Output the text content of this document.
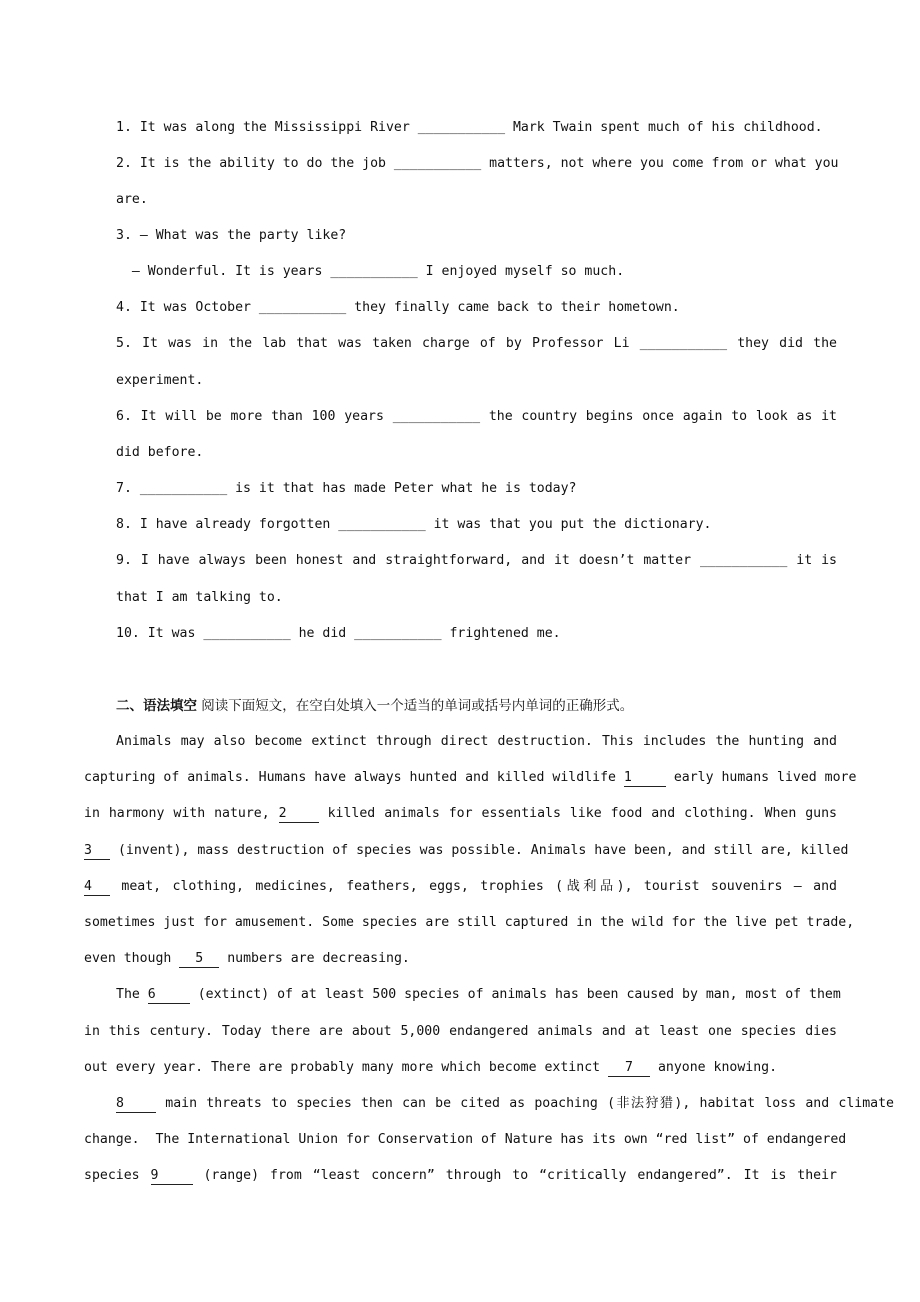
1. It was along the Mississippi River ___________ Mark Twain spent much of his childhood.
2. It is the ability to do the job ___________ matters, not where you come from or what you
are.
3. — What was the party like?
— Wonderful. It is years ___________ I enjoyed myself so much.
4. It was October ___________ they finally came back to their hometown.
5. It was in the lab that was taken charge of by Professor Li ___________ they did the
experiment.
6. It will be more than 100 years ___________ the country begins once again to look as it
did before.
7. ___________ is it that has made Peter what he is today?
8. I have already forgotten ___________ it was that you put the dictionary.
9. I have always been honest and straightforward, and it doesn’t matter ___________ it is
that I am talking to.
10. It was ___________ he did ___________ frightened me.
二、语法填空 阅读下面短文，在空白处填入一个适当的单词或括号内单词的正确形式。
Animals may also become extinct through direct destruction. This includes the hunting and
capturing of animals. Humans have always hunted and killed wildlife 1	early humans lived more
in harmony with nature, 2 killed animals for essentials like food and clothing. When guns
3 (invent), mass destruction of species was possible. Animals have been, and still are, killed
4 meat, clothing, medicines, feathers, eggs, trophies (战利品), tourist souvenirs — and
sometimes just for amusement. Some species are still captured in the wild for the live pet trade,
even though 5 numbers are decreasing.
The 6	(extinct) of at least 500 species of animals has been caused by man, most of them
in this century. Today there are about 5,000 endangered animals and at least one species dies
out every year. There are probably many more which become extinct 7 anyone knowing.
8 main threats to species then can be cited as poaching (非法狩猎), habitat loss and climate
change.  The International Union for Conservation of Nature has its own “red list” of endangered
species 9	(range) from “least concern” through to “critically endangered”. It is their
